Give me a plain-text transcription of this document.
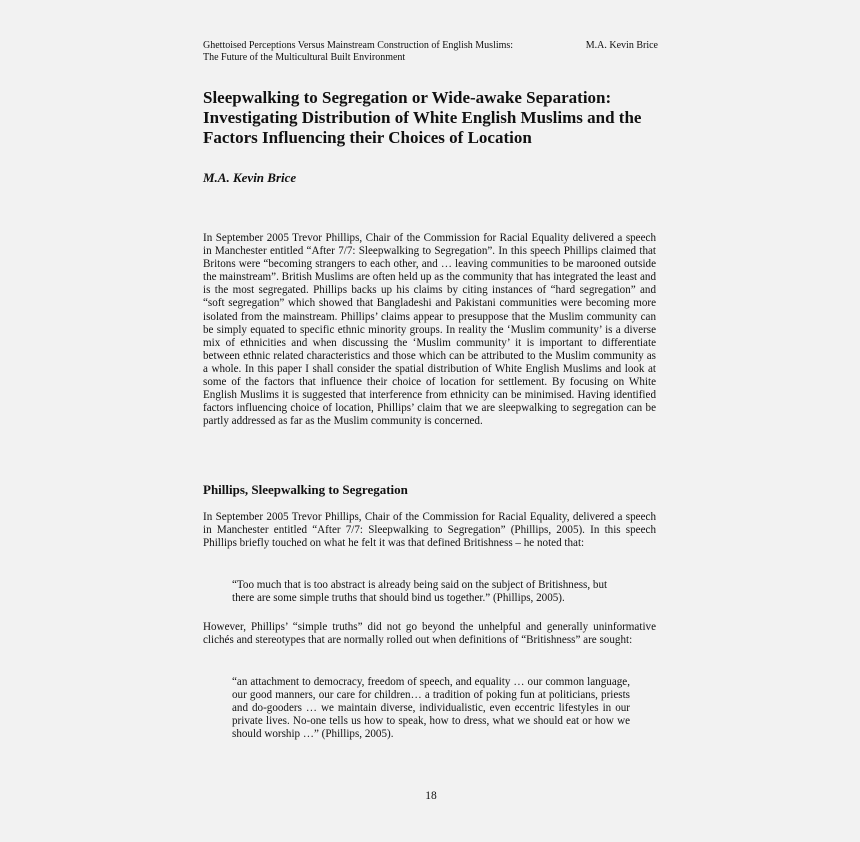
Ghettoised Perceptions Versus Mainstream Construction of English Muslims:
The Future of the Multicultural Built Environment
M.A. Kevin Brice
Sleepwalking to Segregation or Wide-awake Separation: Investigating Distribution of White English Muslims and the Factors Influencing their Choices of Location
M.A. Kevin Brice

In September 2005 Trevor Phillips, Chair of the Commission for Racial Equality delivered a speech in Manchester entitled “After 7/7: Sleepwalking to Segregation”. In this speech Phillips claimed that Britons were “becoming strangers to each other, and … leaving communities to be marooned outside the mainstream”. British Muslims are often held up as the community that has integrated the least and is the most segregated. Phillips backs up his claims by citing instances of “hard segregation” and “soft segregation” which showed that Bangladeshi and Pakistani communities were becoming more isolated from the mainstream. Phillips’ claims appear to presuppose that the Muslim community can be simply equated to specific ethnic minority groups. In reality the ‘Muslim community’ is a diverse mix of ethnicities and when discussing the ‘Muslim community’ it is important to differentiate between ethnic related characteristics and those which can be attributed to the Muslim community as a whole. In this paper I shall consider the spatial distribution of White English Muslims and look at some of the factors that influence their choice of location for settlement. By focusing on White English Muslims it is suggested that interference from ethnicity can be minimised. Having identified factors influencing choice of location, Phillips’ claim that we are sleepwalking to segregation can be partly addressed as far as the Muslim community is concerned.

Phillips, Sleepwalking to Segregation

In September 2005 Trevor Phillips, Chair of the Commission for Racial Equality, delivered a speech in Manchester entitled “After 7/7: Sleepwalking to Segregation” (Phillips, 2005). In this speech Phillips briefly touched on what he felt it was that defined Britishness – he noted that:

“Too much that is too abstract is already being said on the subject of Britishness, but there are some simple truths that should bind us together.” (Phillips, 2005).

However, Phillips’ “simple truths” did not go beyond the unhelpful and generally uninformative clichés and stereotypes that are normally rolled out when definitions of “Britishness” are sought:

“an attachment to democracy, freedom of speech, and equality … our common language, our good manners, our care for children… a tradition of poking fun at politicians, priests and do-gooders … we maintain diverse, individualistic, even eccentric lifestyles in our private lives. No-one tells us how to speak, how to dress, what we should eat or how we should worship …” (Phillips, 2005).

18
